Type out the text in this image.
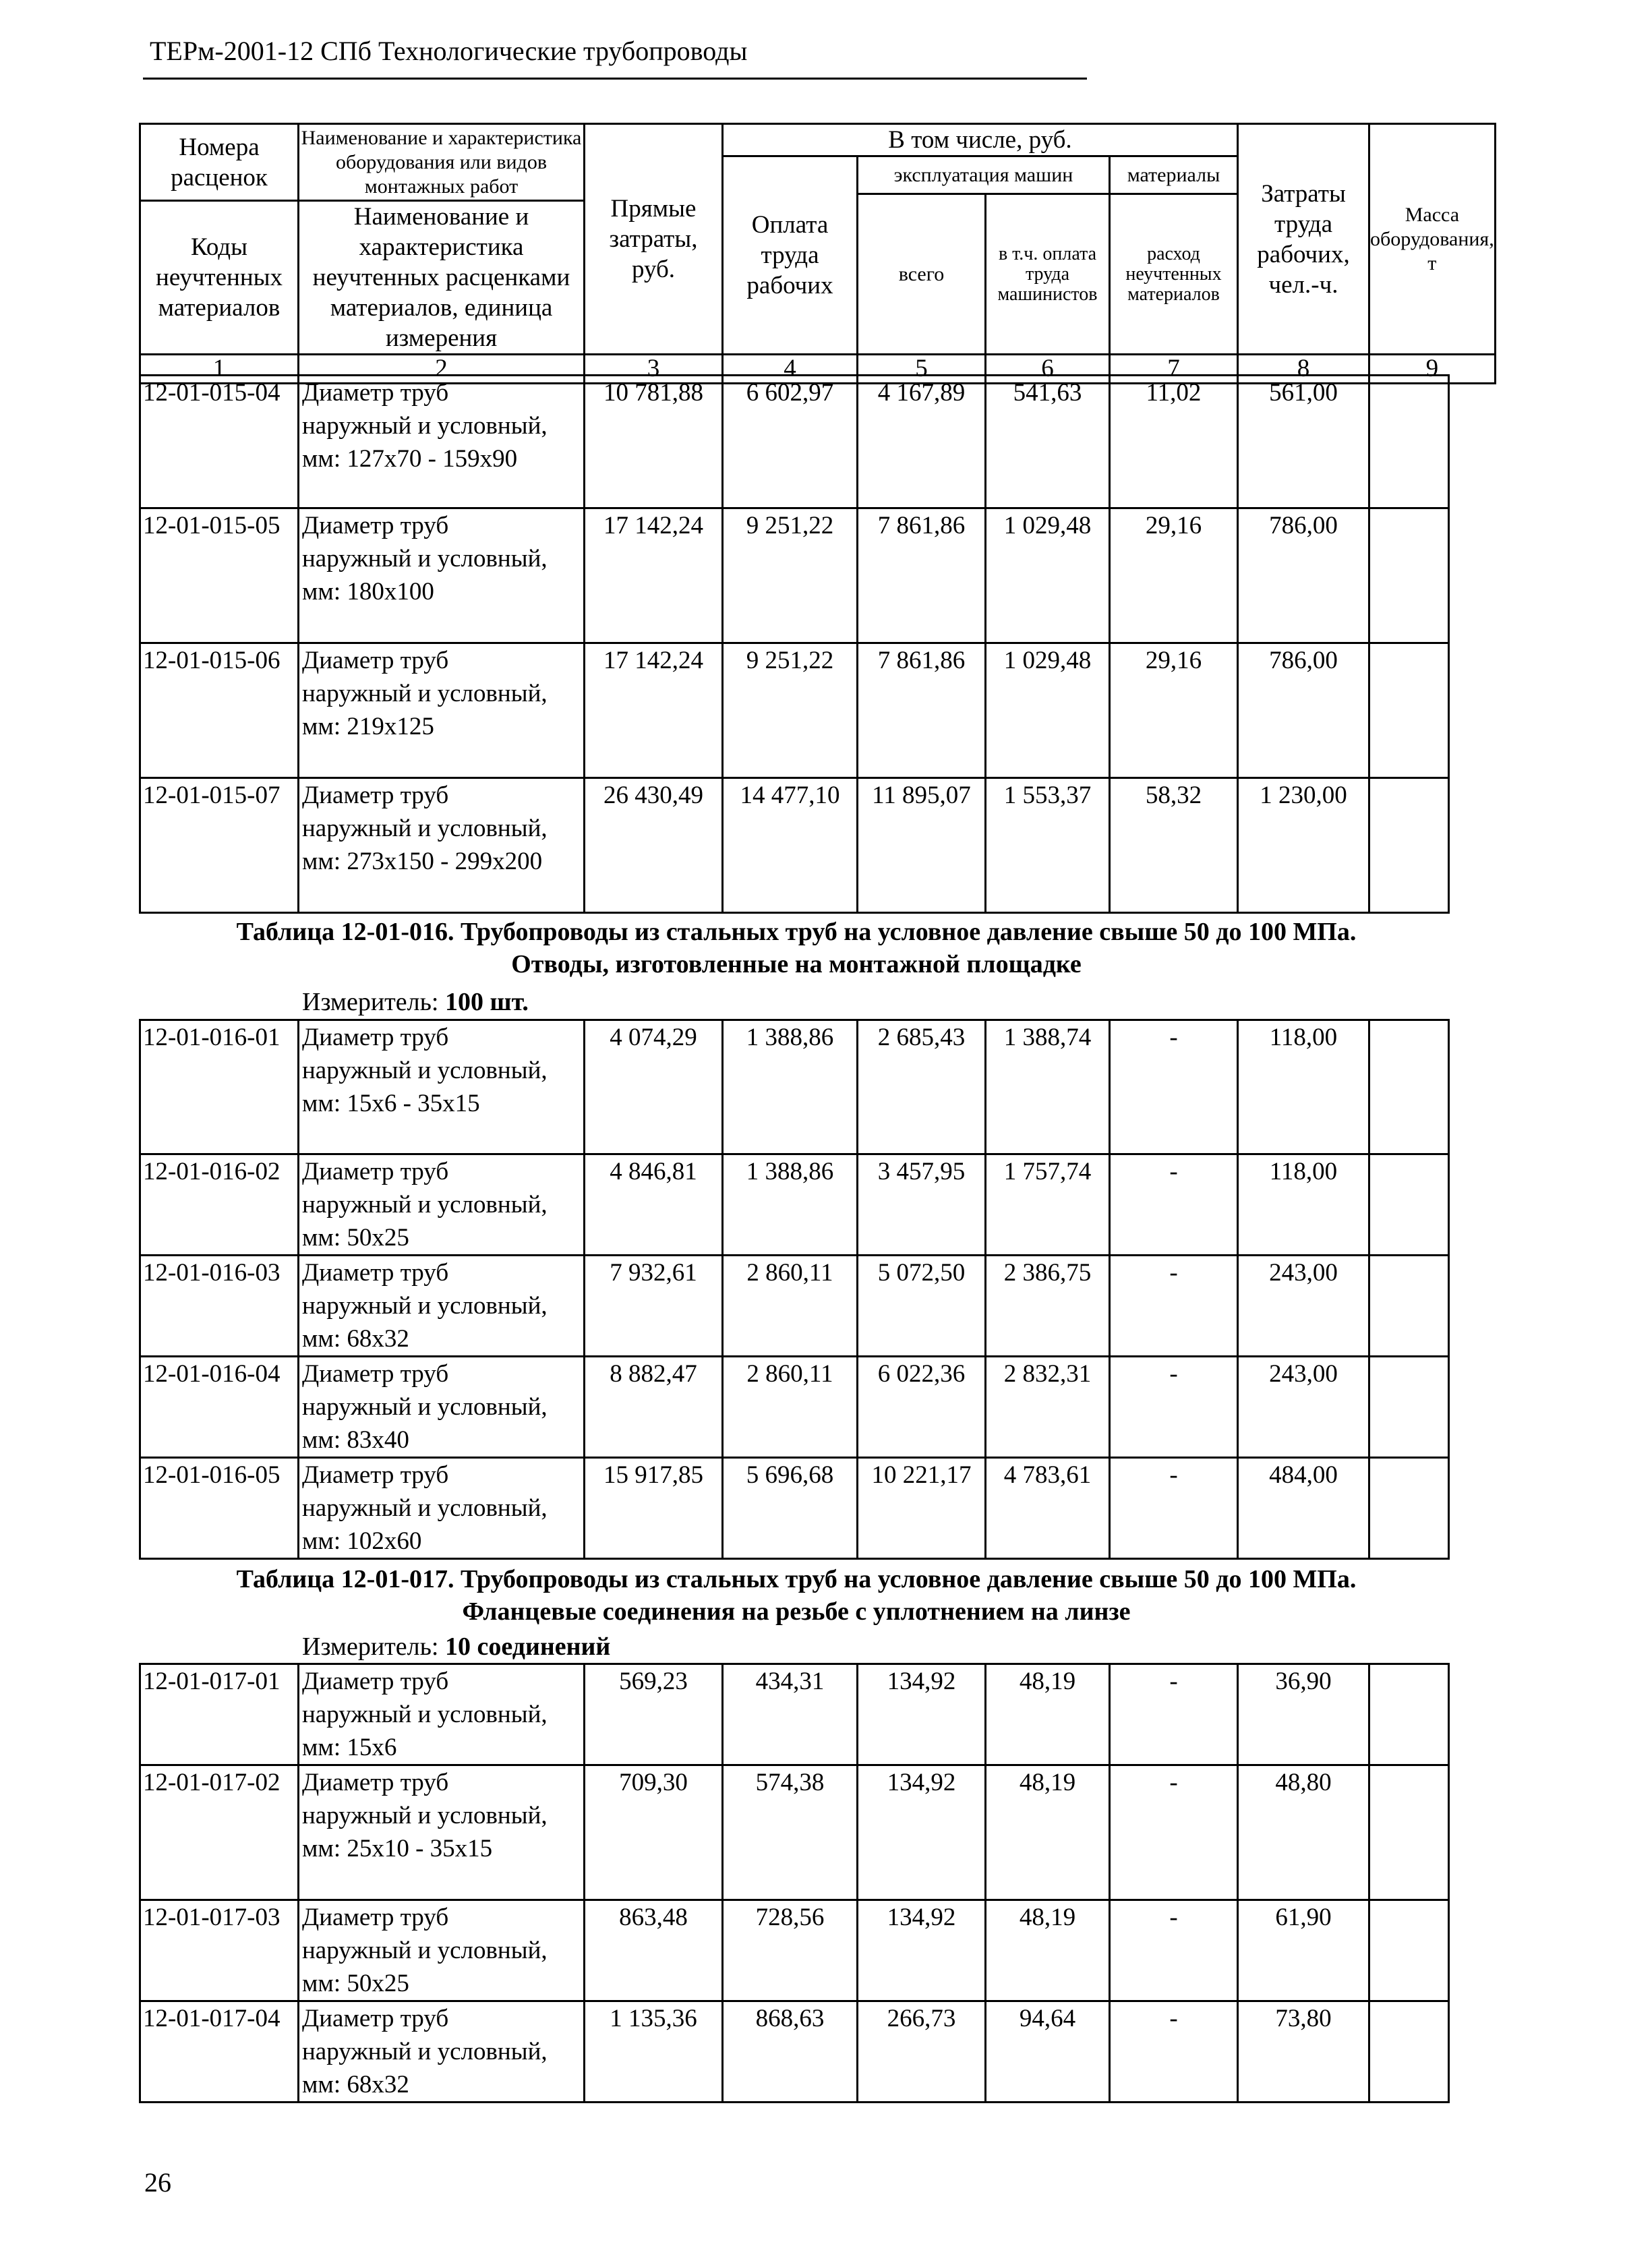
ТЕРм-2001-12 СПб Технологические трубопроводы
Номера расценок	Наименование и характеристика оборудования или видов монтажных работ	Прямые затраты, руб.	В том числе, руб.				Затраты труда рабочих, чел.-ч.	Масса оборудования, т
			Оплата труда рабочих	эксплуатация машин		материалы		
				всего	в т.ч. оплата труда машинистов	расход неучтенных материалов		
Коды неучтенных материалов	Наименование и характеристика неучтенных расценками материалов, единица измерения							

1	2	3	4	5	6	7	8	9
12-01-015-04	Диаметр труб
наружный и условный,
мм: 127x70 - 159x90	10 781,88	6 602,97	4 167,89	541,63	11,02	561,00	
12-01-015-05	Диаметр труб
наружный и условный,
мм: 180x100	17 142,24	9 251,22	7 861,86	1 029,48	29,16	786,00	
12-01-015-06	Диаметр труб
наружный и условный,
мм: 219x125	17 142,24	9 251,22	7 861,86	1 029,48	29,16	786,00	
12-01-015-07	Диаметр труб
наружный и условный,
мм: 273x150 - 299x200	26 430,49	14 477,10	11 895,07	1 553,37	58,32	1 230,00	
Таблица 12-01-016. Трубопроводы из стальных труб на условное давление свыше 50 до 100 МПа.
Отводы, изготовленные на монтажной площадке
Измеритель: 100 шт.
12-01-016-01	Диаметр труб
наружный и условный,
мм: 15x6 - 35x15	4 074,29	1 388,86	2 685,43	1 388,74	-	118,00	
12-01-016-02	Диаметр труб
наружный и условный,
мм: 50x25	4 846,81	1 388,86	3 457,95	1 757,74	-	118,00	
12-01-016-03	Диаметр труб
наружный и условный,
мм: 68x32	7 932,61	2 860,11	5 072,50	2 386,75	-	243,00	
12-01-016-04	Диаметр труб
наружный и условный,
мм: 83x40	8 882,47	2 860,11	6 022,36	2 832,31	-	243,00	
12-01-016-05	Диаметр труб
наружный и условный,
мм: 102x60	15 917,85	5 696,68	10 221,17	4 783,61	-	484,00	
Таблица 12-01-017. Трубопроводы из стальных труб на условное давление свыше 50 до 100 МПа.
Фланцевые соединения на резьбе с уплотнением на линзе
Измеритель: 10 соединений
12-01-017-01	Диаметр труб
наружный и условный,
мм: 15x6	569,23	434,31	134,92	48,19	-	36,90	
12-01-017-02	Диаметр труб
наружный и условный,
мм: 25x10 - 35x15	709,30	574,38	134,92	48,19	-	48,80	
12-01-017-03	Диаметр труб
наружный и условный,
мм: 50x25	863,48	728,56	134,92	48,19	-	61,90	
12-01-017-04	Диаметр труб
наружный и условный,
мм: 68x32	1 135,36	868,63	266,73	94,64	-	73,80	
26
